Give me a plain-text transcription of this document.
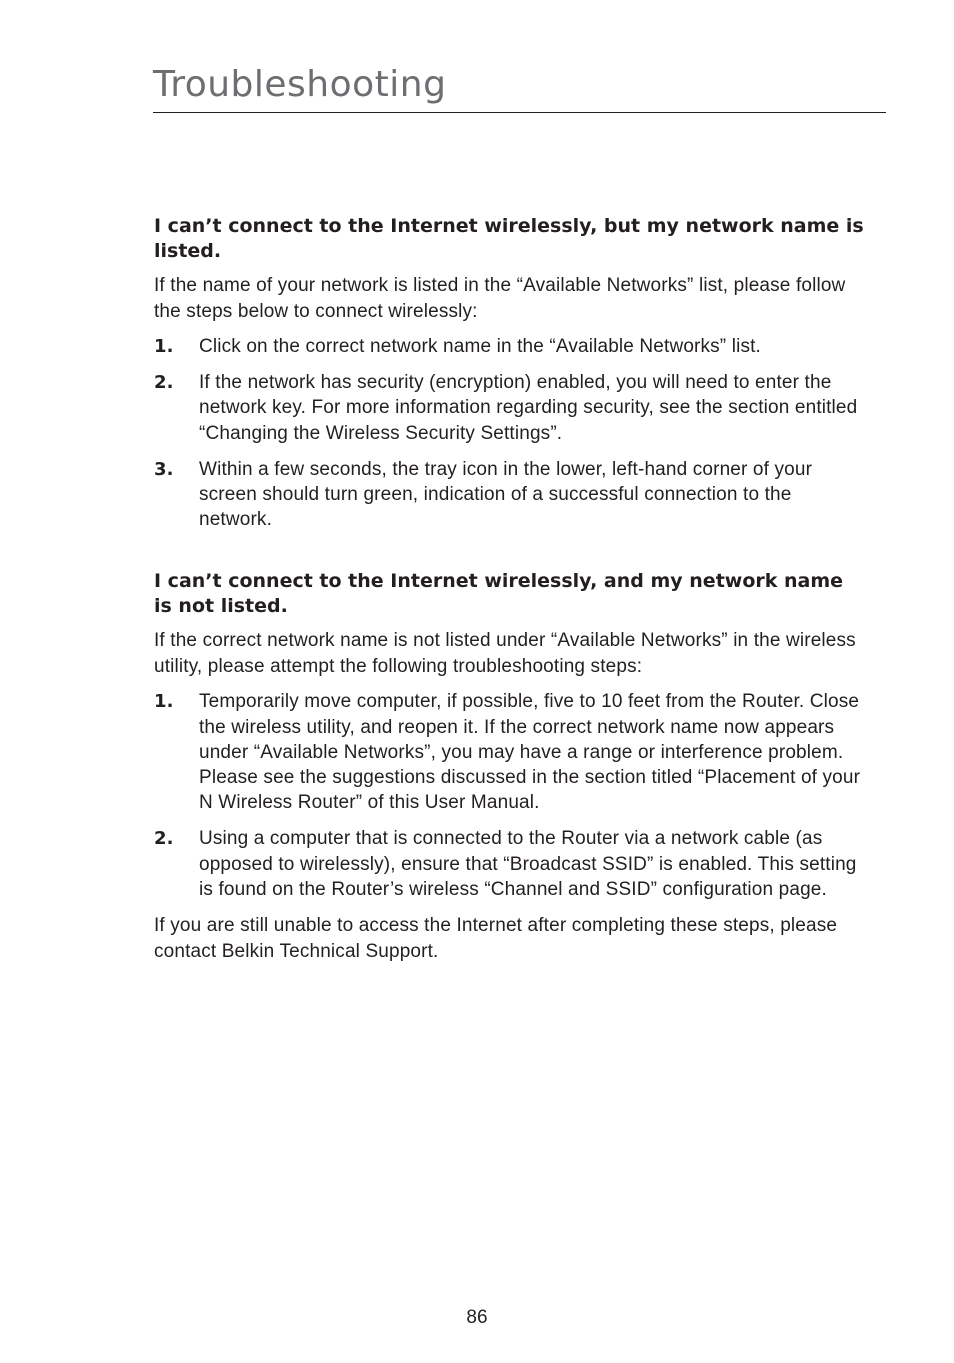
Troubleshooting
I can’t connect to the Internet wirelessly, but my network name is listed.

If the name of your network is listed in the “Available Networks” list, please follow the steps below to connect wirelessly:

1. Click on the correct network name in the “Available Networks” list.
2. If the network has security (encryption) enabled, you will need to enter the network key. For more information regarding security, see the section entitled “Changing the Wireless Security Settings”.
3. Within a few seconds, the tray icon in the lower, left-hand corner of your screen should turn green, indication of a successful connection to the network.
I can’t connect to the Internet wirelessly, and my network name is not listed.

If the correct network name is not listed under “Available Networks” in the wireless utility, please attempt the following troubleshooting steps:

1. Temporarily move computer, if possible, five to 10 feet from the Router. Close the wireless utility, and reopen it. If the correct network name now appears under “Available Networks”, you may have a range or interference problem. Please see the suggestions discussed in the section titled “Placement of your N Wireless Router” of this User Manual.
2. Using a computer that is connected to the Router via a network cable (as opposed to wirelessly), ensure that “Broadcast SSID” is enabled. This setting is found on the Router’s wireless “Channel and SSID” configuration page.

If you are still unable to access the Internet after completing these steps, please contact Belkin Technical Support.

86
